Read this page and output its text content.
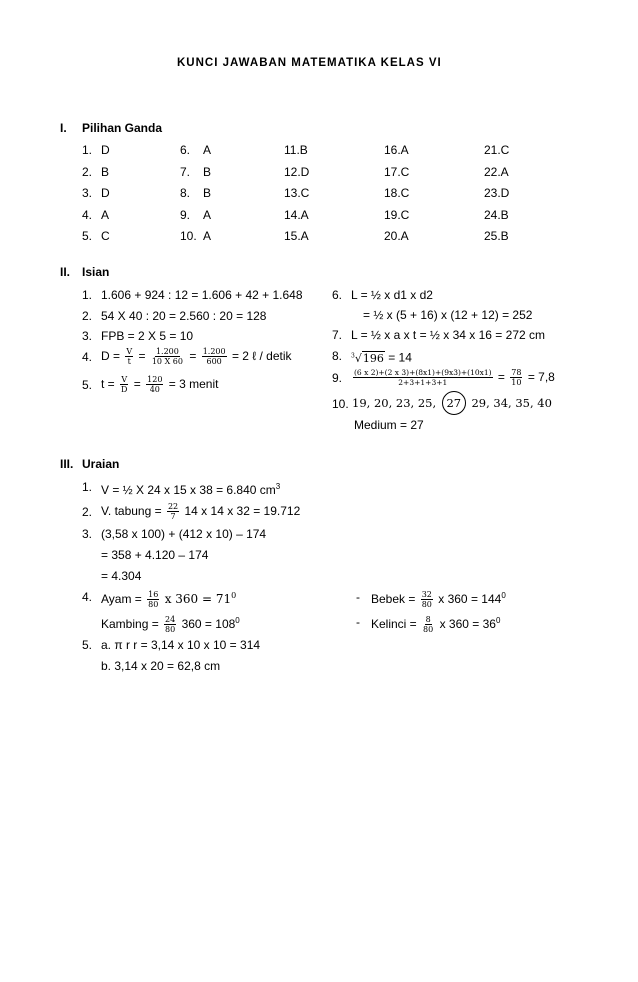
KUNCI JAWABAN MATEMATIKA KELAS VI
I. Pilihan Ganda
1. D	6. A	11.B	16.A	21.C
2. B	7. B	12.D	17.C	22.A
3. D	8. B	13.C	18.C	23.D
4. A	9. A	14.A	19.C	24.B
5. C	10. A	15.A	20.A	25.B
II. Isian
1. 1.606 + 924 : 12 = 1.606 + 42 + 1.648
2. 54 X 40 : 20 = 2.560 : 20 = 128
3. FPB = 2 X 5 = 10
4. $D = \frac{V}{t} = \frac{1.200}{10 X 60} = \frac{1.200}{600} = 2$ ℓ / detik
5. $t = \frac{V}{D} = \frac{120}{40} = 3$ menit
6. L = ½ x d1 x d2
= ½ x (5 + 16) x (12 + 12) = 252
7. L = ½ x a x t = ½ x 34 x 16 = 272 cm
8. $^3$√196 = 14
9. $\frac{(6 x 2)+(2 x 3)+(8x1)+(9x3)+(10x1)}{2+3+1+3+1} = \frac{78}{10} = 7,8$
10. 19, 20, 23, 25, 27 29, 34, 35, 40
Medium = 27
III. Uraian
1. V = ½ X 24 x 15 x 38 = 6.840 $cm^3$
2. V. tabung = $\frac{22}{7} 14$ x 14 x 32 = 19.712
3. (3,58 x 100) + (412 x 10) – 174
= 358 + 4.120 – 174
= 4.304
4. Ayam = $\frac{16}{80}$ x $360 = 71^0$
Kambing = $\frac{24}{80} 360 = 108^0$
- Bebek = $\frac{32}{80}$ x $360 = 144^0$
- Kelinci = $\frac{8}{80}$ x $360 = 36^0$
5. a. π r r = 3,14 x 10 x 10 = 314
b. 3,14 x 20 = 62,8 cm
